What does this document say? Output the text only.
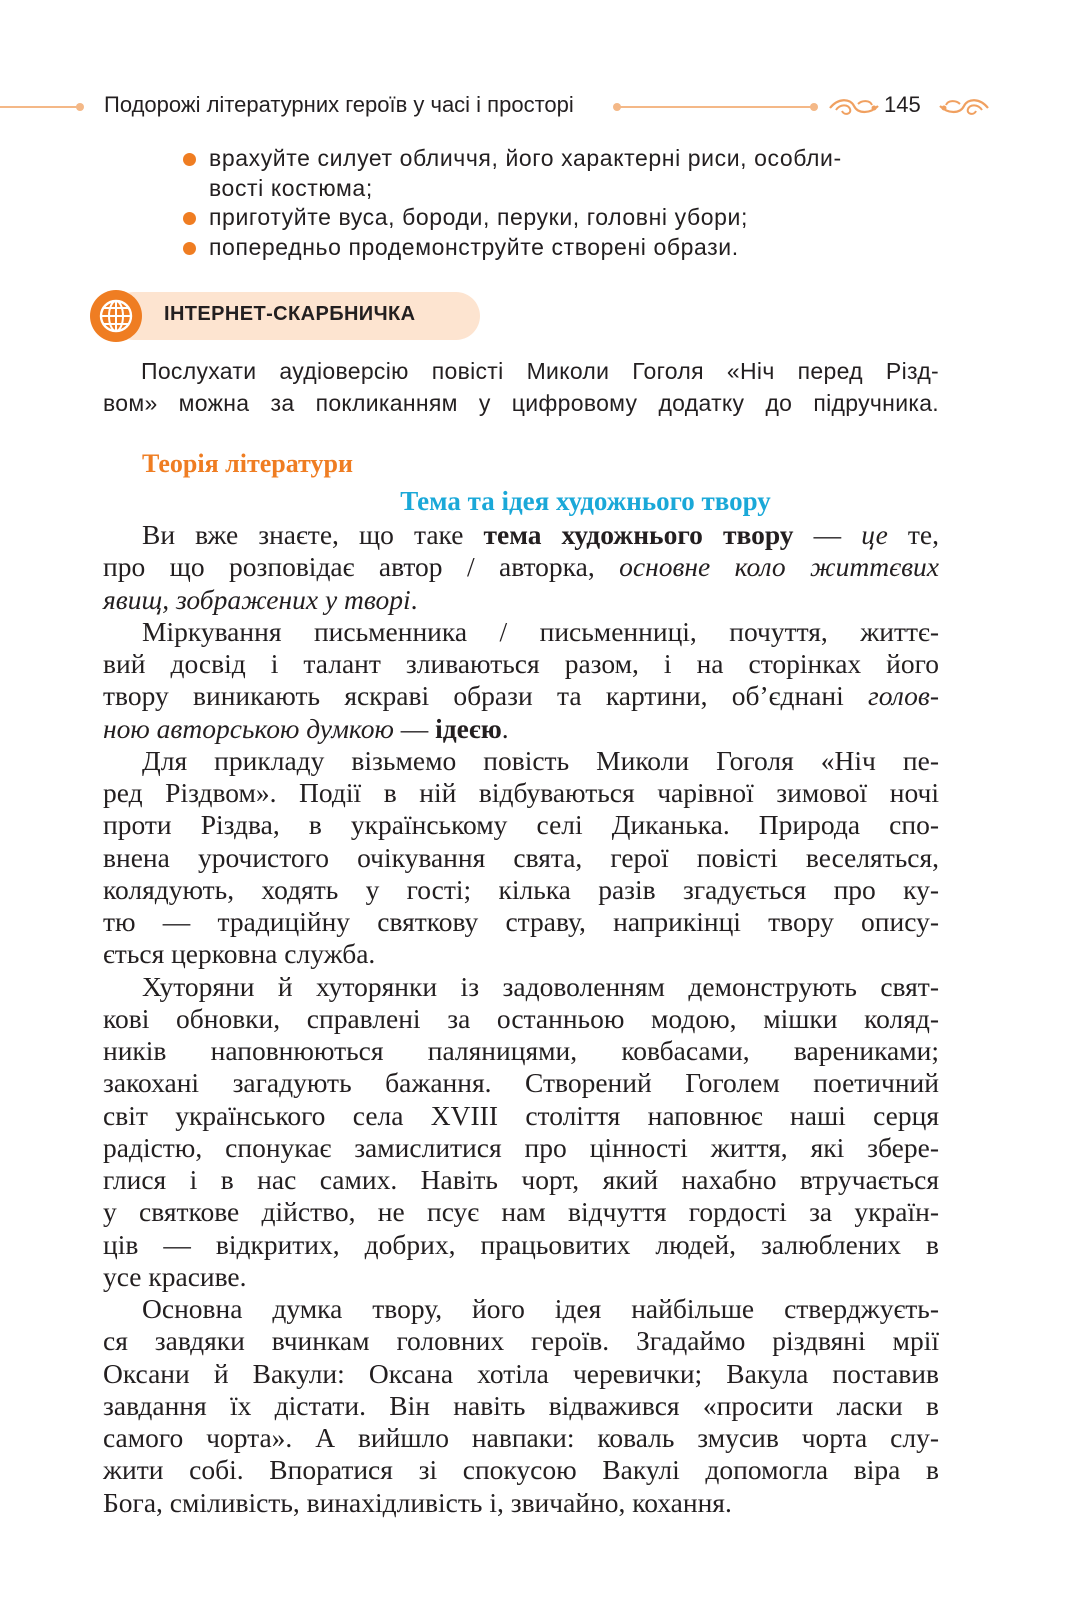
Подорожі літературних героїв у часі і просторі	145
врахуйте силует обличчя, його характерні риси, особли-
вості костюма;
приготуйте вуса, бороди, перуки, головні убори;
попередньо продемонструйте створені образи.
ІНТЕРНЕТ-СКАРБНИЧКА

Послухати аудіоверсію повісті Миколи Гоголя «Ніч перед Різд-
вом» можна за покликанням у цифровому додатку до підручника.

Теорія літератури
Тема та ідея художнього твору
Ви вже знаєте, що таке тема художнього твору — це те,
про що розповідає автор / авторка, основне коло життєвих
явищ, зображених у творі.
Міркування письменника / письменниці, почуття, життє-
вий досвід і талант зливаються разом, і на сторінках його
твору виникають яскраві образи та картини, об’єднані голов-
ною авторською думкою — ідеєю.
Для прикладу візьмемо повість Миколи Гоголя «Ніч пе-
ред Різдвом». Події в ній відбуваються чарівної зимової ночі
проти Різдва, в українському селі Диканька. Природа спо-
внена урочистого очікування свята, герої повісті веселяться,
колядують, ходять у гості; кілька разів згадується про ку-
тю — традиційну святкову страву, наприкінці твору опису-
ється церковна служба.
Хуторяни й хуторянки із задоволенням демонструють свят-
кові обновки, справлені за останньою модою, мішки коляд-
ників наповнюються паляницями, ковбасами, варениками;
закохані загадують бажання. Створений Гоголем поетичний
світ українського села XVIII століття наповнює наші серця
радістю, спонукає замислитися про цінності життя, які збере-
глися і в нас самих. Навіть чорт, який нахабно втручається
у святкове дійство, не псує нам відчуття гордості за україн-
ців — відкритих, добрих, працьовитих людей, залюблених в
усе красиве.
Основна думка твору, його ідея найбільше стверджуєть-
ся завдяки вчинкам головних героїв. Згадаймо різдвяні мрії
Оксани й Вакули: Оксана хотіла черевички; Вакула поставив
завдання їх дістати. Він навіть відважився «просити ласки в
самого чорта». А вийшло навпаки: коваль змусив чорта слу-
жити собі. Впоратися зі спокусою Вакулі допомогла віра в
Бога, сміливість, винахідливість і, звичайно, кохання.
